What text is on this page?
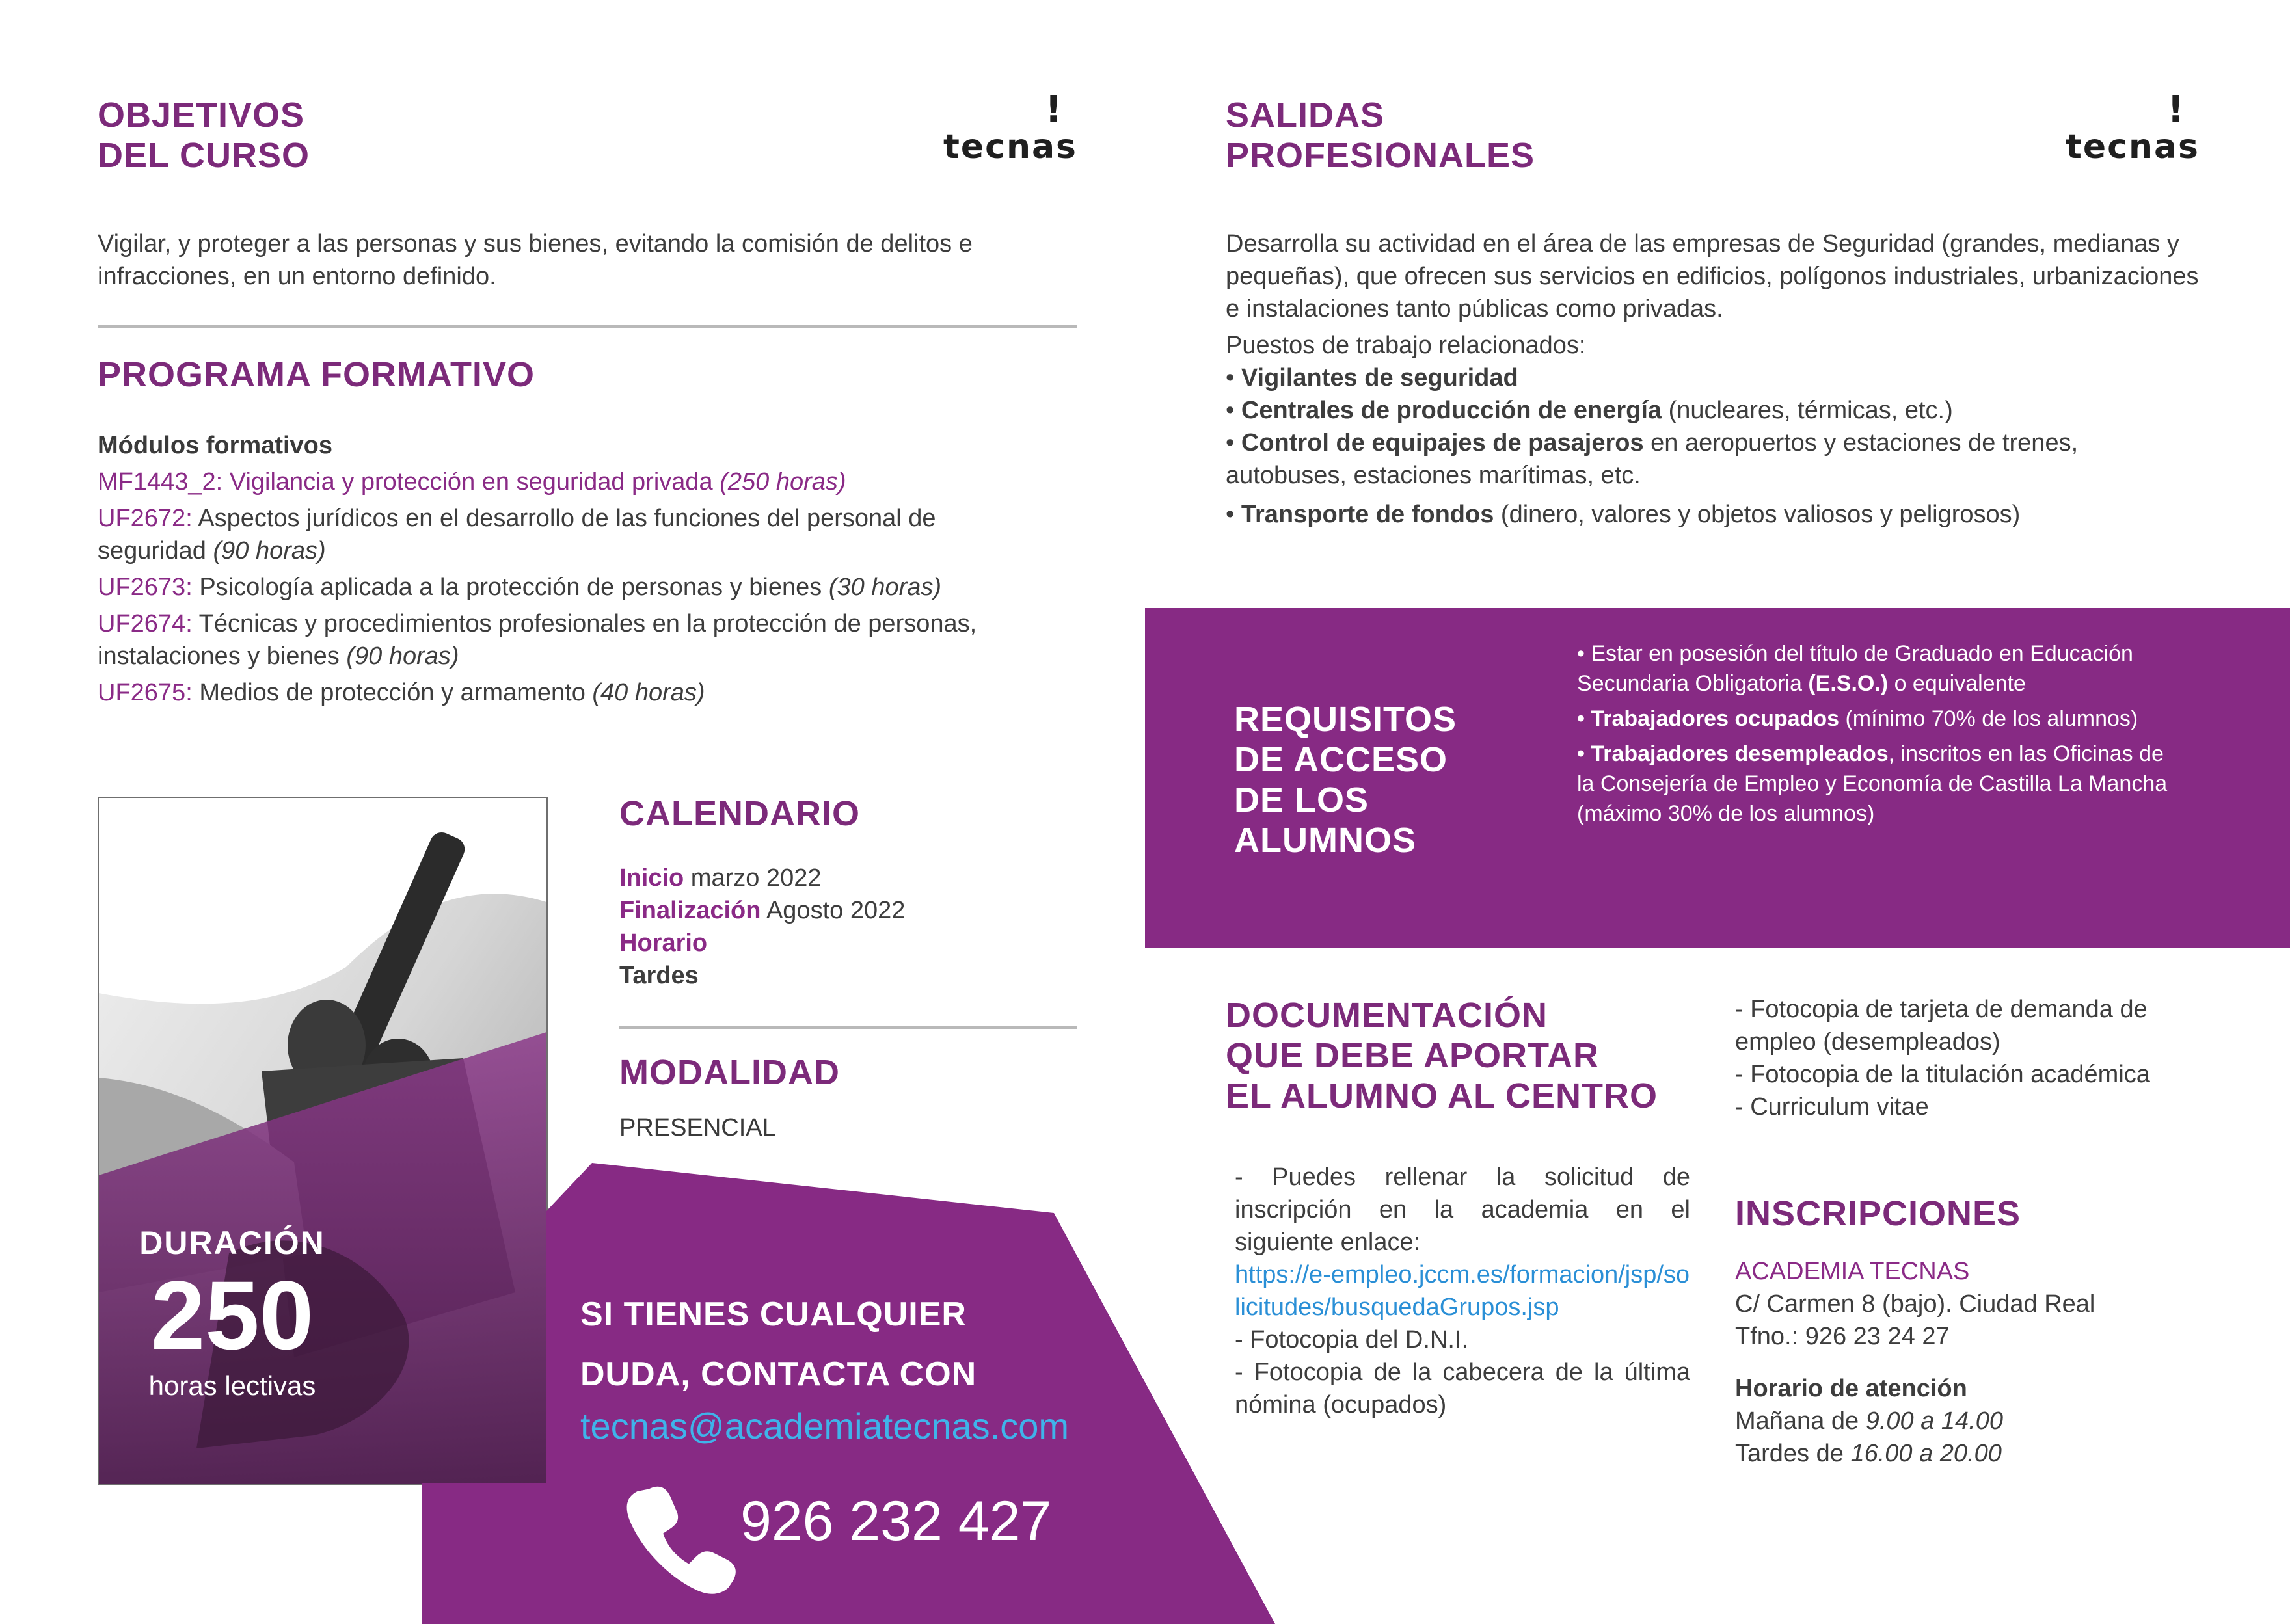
OBJETIVOS
DEL CURSO	tecnas
!
Vigilar, y proteger a las personas y sus bienes, evitando la comisión de delitos e infracciones, en un entorno definido.
PROGRAMA FORMATIVO

Módulos formativos

MF1443_2: Vigilancia y protección en seguridad privada (250 horas)

UF2672: Aspectos jurídicos en el desarrollo de las funciones del personal de seguridad (90 horas)

UF2673: Psicología aplicada a la protección de personas y bienes (30 horas)

UF2674: Técnicas y procedimientos profesionales en la protección de personas, instalaciones y bienes (90 horas)

UF2675: Medios de protección y armamento (40 horas)

DURACIÓN
250
horas lectivas
CALENDARIO
Inicio marzo 2022
Finalización Agosto 2022
Horario
Tardes
MODALIDAD
PRESENCIAL
SI TIENES CUALQUIER
DUDA, CONTACTA CON
tecnas@academiatecnas.com
926 232 427
SALIDAS
PROFESIONALES	tecnas
!
Desarrolla su actividad en el área de las empresas de Seguridad (grandes, medianas y pequeñas), que ofrecen sus servicios en edificios, polígonos industriales, urbanizaciones e instalaciones tanto públicas como privadas.
Puestos de trabajo relacionados:
• Vigilantes de seguridad
• Centrales de producción de energía (nucleares, térmicas, etc.)
• Control de equipajes de pasajeros en aeropuertos y estaciones de trenes, autobuses, estaciones marítimas, etc.
• Transporte de fondos (dinero, valores y objetos valiosos y peligrosos)
REQUISITOS
DE ACCESO
DE LOS
ALUMNOS

• Estar en posesión del título de Graduado en Educación Secundaria Obligatoria (E.S.O.) o equivalente

• Trabajadores ocupados (mínimo 70% de los alumnos)

• Trabajadores desempleados, inscritos en las Oficinas de la Consejería de Empleo y Economía de Castilla La Mancha (máximo 30% de los alumnos)

DOCUMENTACIÓN
QUE DEBE APORTAR
EL ALUMNO AL CENTRO

- Puedes rellenar la solicitud de inscripción en la academia en el siguiente enlace:

https://e-empleo.jccm.es/formacion/jsp/solicitudes/busquedaGrupos.jsp

- Fotocopia del D.N.I.

- Fotocopia de la cabecera de la última nómina (ocupados)

- Fotocopia de tarjeta de demanda de empleo (desempleados)

- Fotocopia de la titulación académica

- Curriculum vitae

INSCRIPCIONES
ACADEMIA TECNAS
C/ Carmen 8 (bajo). Ciudad Real
Tfno.: 926 23 24 27
Horario de atención
Mañana de 9.00 a 14.00
Tardes de 16.00 a 20.00
